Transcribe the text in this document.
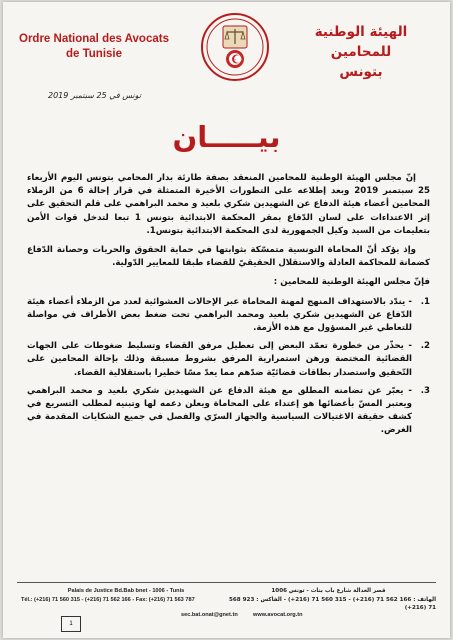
Ordre National des Avocats
de Tunisie
الهيئة الوطنية للمحامين
بتونس
تونس في 25 سبتمبر 2019
بيـــــان

إنّ مجلس الهيئة الوطنية للمحامين المنعقد بصفة طارئة بدار المحامي بتونس اليوم الأربعاء 25 سبتمبر 2019 وبعد إطلاعه على التطورات الأخيرة المتمثلة في قرار إحالة 6 من الزملاء المحامين أعضاء هيئة الدفاع عن الشهيدين شكري بلعيد و محمد البراهمي على قلم التحقيق على إثر الاعتداءات على لسان الدّفاع بمقر المحكمة الابتدائية بتونس 1 تبعا لتدخل قوات الأمن بتعليمات من السيد وكيل الجمهورية لدى المحكمة الابتدائية بتونس1.

وإذ يؤكد أنّ المحاماة التونسية متمسّكة بثوابتها في حماية الحقوق والحريات وحصانة الدّفاع كضمانة للمحاكمة العادلة والاستقلال الحقيقيّ للقضاء طبقا للمعايير الدّولية.

فإنّ مجلس الهيئة الوطنية للمحامين :

1.
- يندّد بالاستهداف المنهج لمهنة المحاماة عبر الإحالات العشوائية لعدد من الزملاء أعضاء هيئة الدّفاع عن الشهيدين شكري بلعيد ومحمد البراهمي تحت ضغط بعض الأطراف في مواصلة للتعاطي غير المسؤول مع هذه الأزمة.
2.
- يحذّر من خطورة تعمّد البعض إلى تعطيل مرفق القضاء وتسليط ضغوطات على الجهات القضائية المختصة ورهن استمرارية المرفق بشروط مسبقة وذلك بإحالة المحامين على التّحقيق واستصدار بطاقات قضائيّة ضدّهم مما يعدّ مسّا خطيرا باستقلالية القضاء.
3.
- يعبّر عن تضامنه المطلق مع هيئة الدفاع عن الشهيدين شكري بلعيد و محمد البراهمي ويعتبر المسّ بأعضائها هو إعتداء على المحاماة ويعلن دعمه لها وتبنيه لمطلب التسريع في كشف حقيقة الاغتيالات السياسية والجهاز السرّي والفصل في جميع الشكايات المقدمة في الغرض.
Palais de Justice Bd.Bab bnet - 1006 - Tunis
Tél.: (+216) 71 560 315 - (+216) 71 562 166 - Fax: (+216) 71 563 787
قصر العدالة شارع باب بنات - تونس 1006
الهاتف : 166 562 71 (216+) - 315 560 71 (216+) - الفاكس : 923 568 71 (216+)
sec.bat.onat@gnet.tn	www.avocat.org.tn
1
